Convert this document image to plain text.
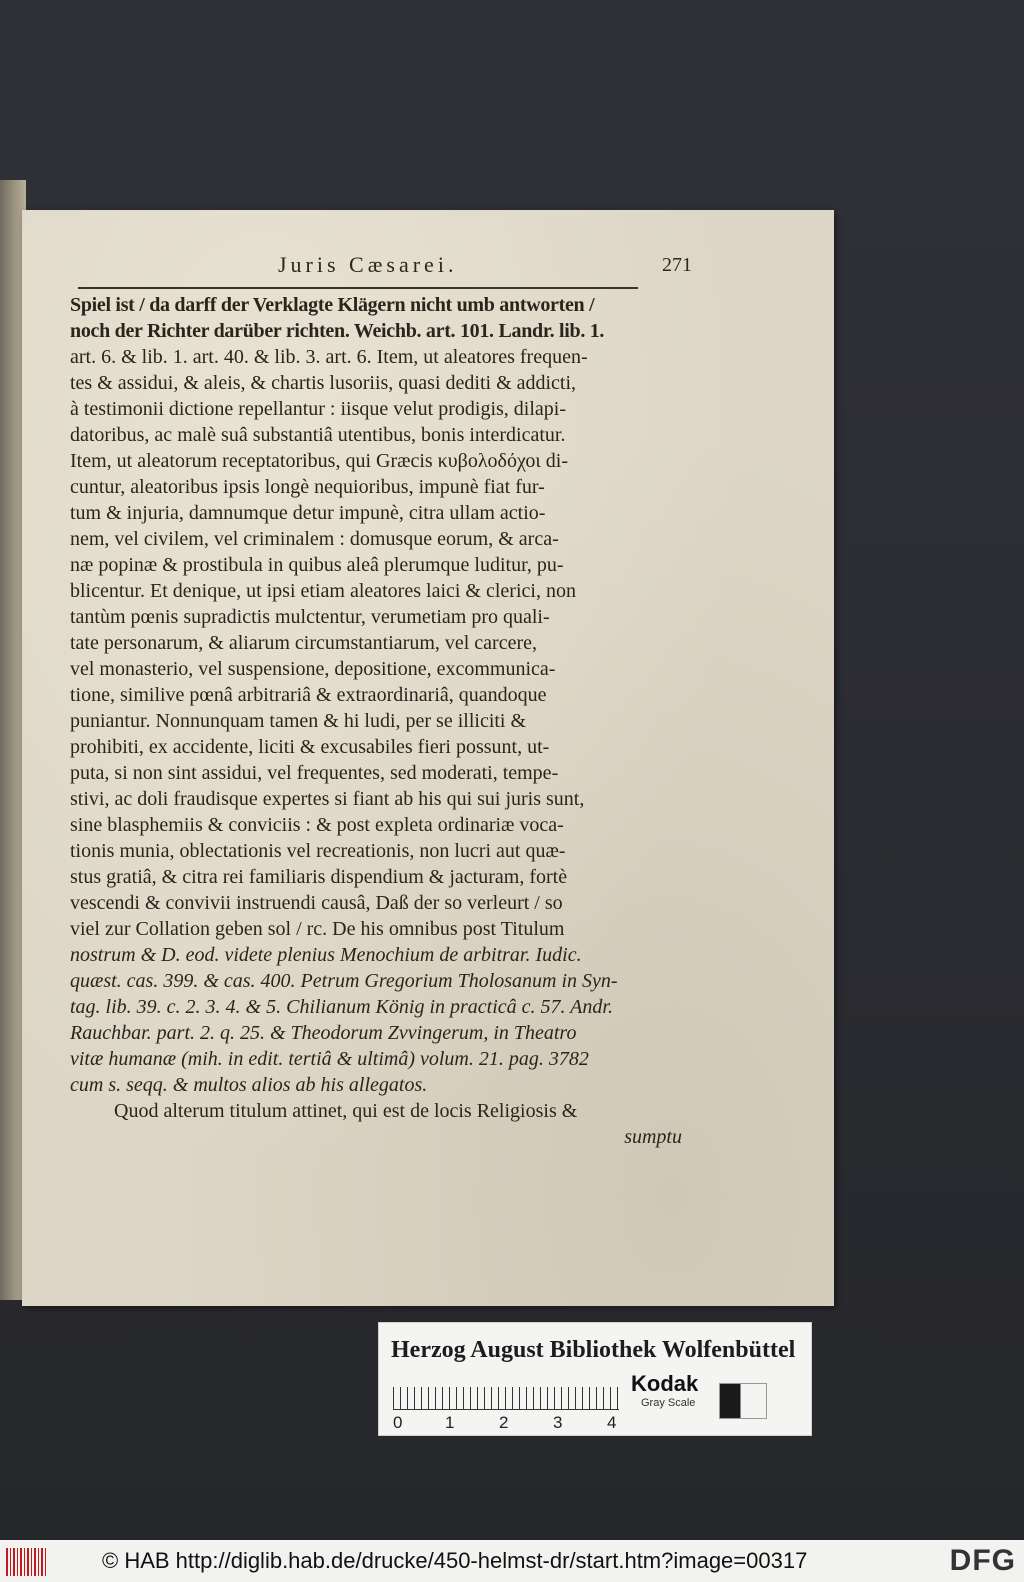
Juris Cæsarei.	271
Spiel ist / da darff der Verklagte Klägern nicht umb antworten /
noch der Richter darüber richten. Weichb. art. 101. Landr. lib. 1.
art. 6. & lib. 1. art. 40. & lib. 3. art. 6. Item, ut aleatores frequen-
tes & assidui, & aleis, & chartis lusoriis, quasi dediti & addicti,
à testimonii dictione repellantur : iisque velut prodigis, dilapi-
datoribus, ac malè suâ substantiâ utentibus, bonis interdicatur.
Item, ut aleatorum receptatoribus, qui Græcis κυβολοδόχοι di-
cuntur, aleatoribus ipsis longè nequioribus, impunè fiat fur-
tum & injuria, damnumque detur impunè, citra ullam actio-
nem, vel civilem, vel criminalem : domusque eorum, & arca-
næ popinæ & prostibula in quibus aleâ plerumque luditur, pu-
blicentur. Et denique, ut ipsi etiam aleatores laici & clerici, non
tantùm pœnis supradictis mulctentur, verumetiam pro quali-
tate personarum, & aliarum circumstantiarum, vel carcere,
vel monasterio, vel suspensione, depositione, excommunica-
tione, similive pœnâ arbitrariâ & extraordinariâ, quandoque
puniantur. Nonnunquam tamen & hi ludi, per se illiciti &
prohibiti, ex accidente, liciti & excusabiles fieri possunt, ut-
puta, si non sint assidui, vel frequentes, sed moderati, tempe-
stivi, ac doli fraudisque expertes si fiant ab his qui sui juris sunt,
sine blasphemiis & conviciis : & post expleta ordinariæ voca-
tionis munia, oblectationis vel recreationis, non lucri aut quæ-
stus gratiâ, & citra rei familiaris dispendium & jacturam, fortè
vescendi & convivii instruendi causâ, Daß der so verleurt / so
viel zur Collation geben sol / rc. De his omnibus post Titulum
nostrum & D. eod. videte plenius Menochium de arbitrar. Iudic.
quæst. cas. 399. & cas. 400. Petrum Gregorium Tholosanum in Syn-
tag. lib. 39. c. 2. 3. 4. & 5. Chilianum König in practicâ c. 57. Andr.
Rauchbar. part. 2. q. 25. & Theodorum Zvvingerum, in Theatro
vitæ humanæ (mih. in edit. tertiâ & ultimâ) volum. 21. pag. 3782
cum s. seqq. & multos alios ab his allegatos.
Quod alterum titulum attinet, qui est de locis Religiosis &
sumptu
Herzog August Bibliothek Wolfenbüttel
0	1	2	3	4
Kodak
Gray Scale
© HAB http://diglib.hab.de/drucke/450-helmst-dr/start.htm?image=00317	DFG
